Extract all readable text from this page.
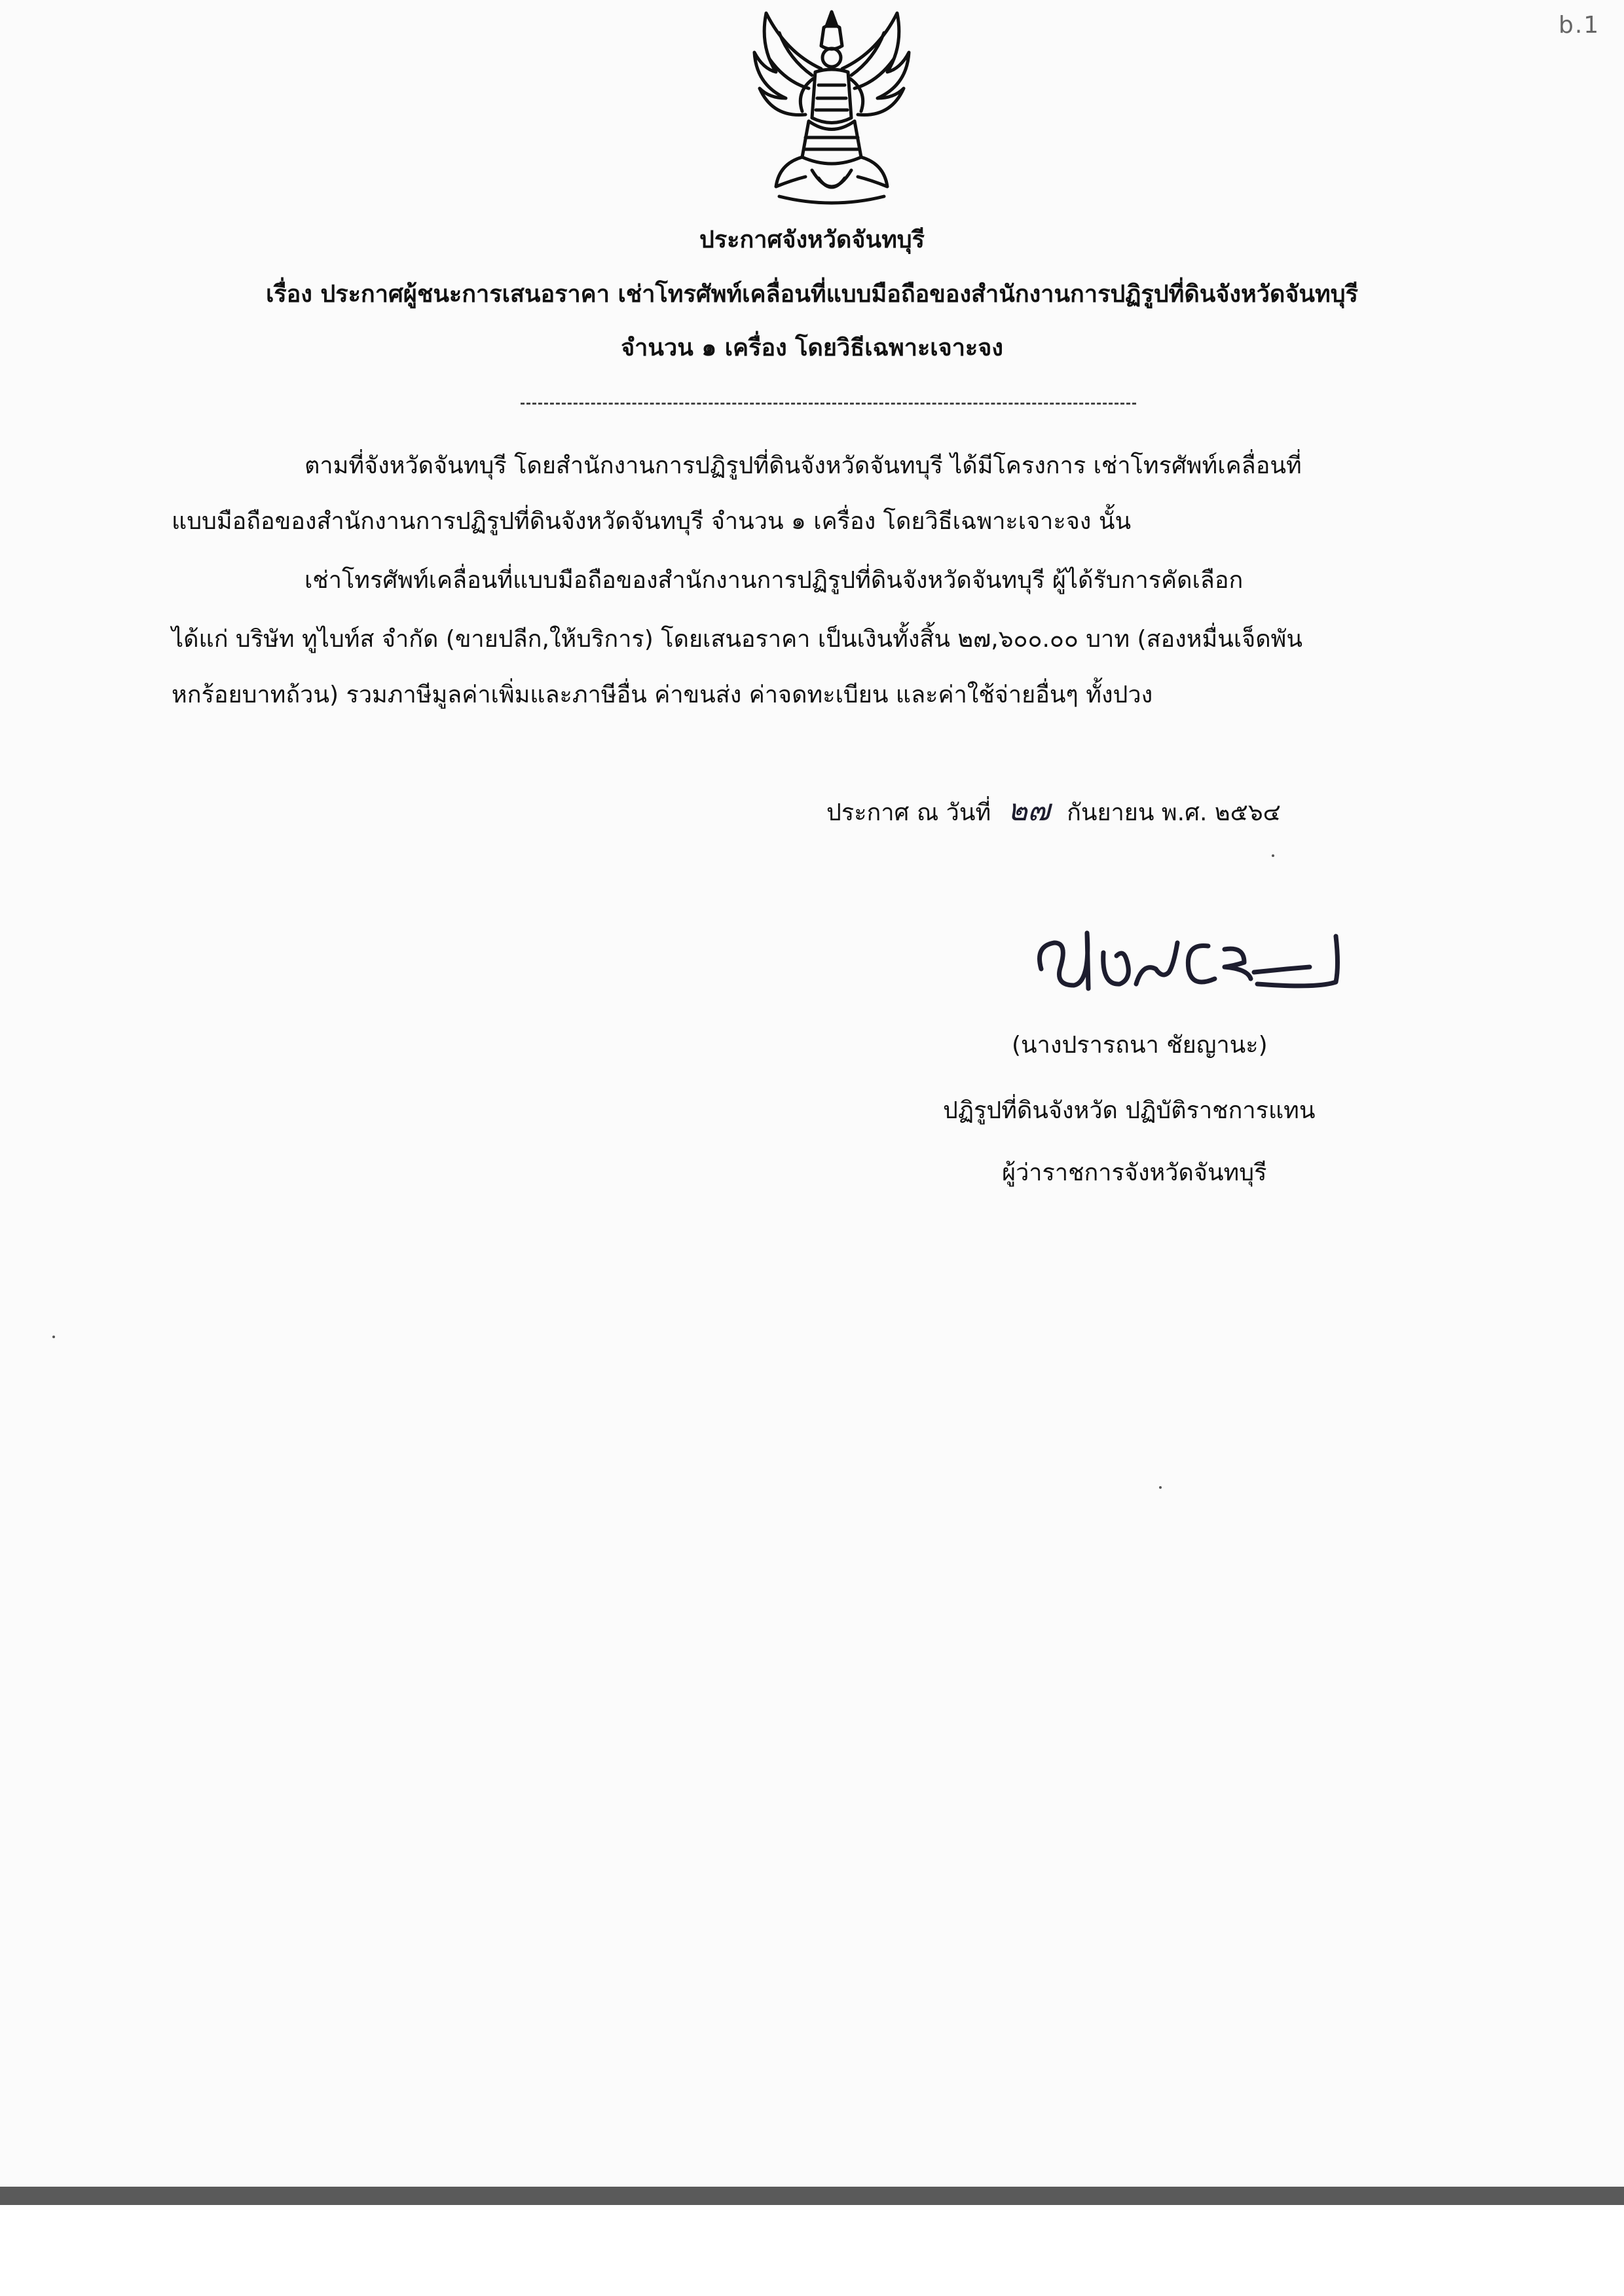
b.1
ประกาศจังหวัดจันทบุรี
เรื่อง ประกาศผู้ชนะการเสนอราคา เช่าโทรศัพท์เคลื่อนที่แบบมือถือของสำนักงานการปฏิรูปที่ดินจังหวัดจันทบุรี
จำนวน ๑ เครื่อง โดยวิธีเฉพาะเจาะจง
ตามที่จังหวัดจันทบุรี โดยสำนักงานการปฏิรูปที่ดินจังหวัดจันทบุรี ได้มีโครงการ เช่าโทรศัพท์เคลื่อนที่
แบบมือถือของสำนักงานการปฏิรูปที่ดินจังหวัดจันทบุรี จำนวน ๑ เครื่อง โดยวิธีเฉพาะเจาะจง นั้น
เช่าโทรศัพท์เคลื่อนที่แบบมือถือของสำนักงานการปฏิรูปที่ดินจังหวัดจันทบุรี ผู้ได้รับการคัดเลือก
ได้แก่ บริษัท ทูไบท์ส จำกัด (ขายปลีก,ให้บริการ) โดยเสนอราคา เป็นเงินทั้งสิ้น ๒๗,๖๐๐.๐๐ บาท (สองหมื่นเจ็ดพัน
หกร้อยบาทถ้วน) รวมภาษีมูลค่าเพิ่มและภาษีอื่น ค่าขนส่ง ค่าจดทะเบียน และค่าใช้จ่ายอื่นๆ ทั้งปวง
ประกาศ ณ วันที่ ๒๗ กันยายน พ.ศ. ๒๕๖๔
(นางปรารถนา ชัยญานะ)
ปฏิรูปที่ดินจังหวัด ปฏิบัติราชการแทน
ผู้ว่าราชการจังหวัดจันทบุรี
